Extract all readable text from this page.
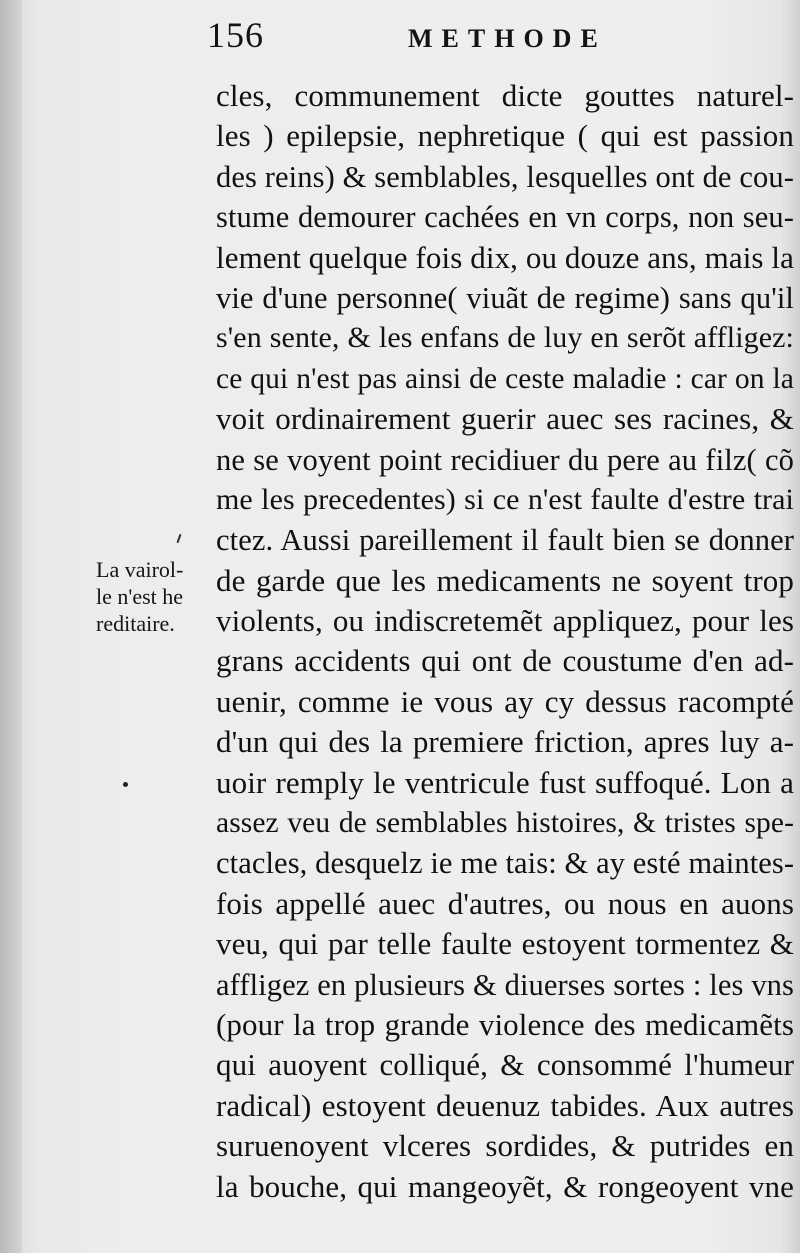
156	METHODE
La vairol-
le n'est he
reditaire.
cles, communement dicte gouttes naturel-
les ) epilepsie, nephretique ( qui est passion
des reins) & semblables, lesquelles ont de cou-
stume demourer cachées en vn corps, non seu-
lement quelque fois dix, ou douze ans, mais la
vie d'une personne( viuãt de regime) sans qu'il
s'en sente, & les enfans de luy en serõt affligez:
ce qui n'est pas ainsi de ceste maladie : car on la
voit ordinairement guerir auec ses racines, &
ne se voyent point recidiuer du pere au filz( cõ
me les precedentes) si ce n'est faulte d'estre trai
ctez. Aussi pareillement il fault bien se donner
de garde que les medicaments ne soyent trop
violents, ou indiscretemẽt appliquez, pour les
grans accidents qui ont de coustume d'en ad-
uenir, comme ie vous ay cy dessus racompté
d'un qui des la premiere friction, apres luy a-
uoir remply le ventricule fust suffoqué. Lon a
assez veu de semblables histoires, & tristes spe-
ctacles, desquelz ie me tais: & ay esté maintes-
fois appellé auec d'autres, ou nous en auons
veu, qui par telle faulte estoyent tormentez &
affligez en plusieurs & diuerses sortes : les vns
(pour la trop grande violence des medicamẽts
qui auoyent colliqué, & consommé l'humeur
radical) estoyent deuenuz tabides. Aux autres
suruenoyent vlceres sordides, & putrides en
la bouche, qui mangeoyẽt, & rongeoyent vne
